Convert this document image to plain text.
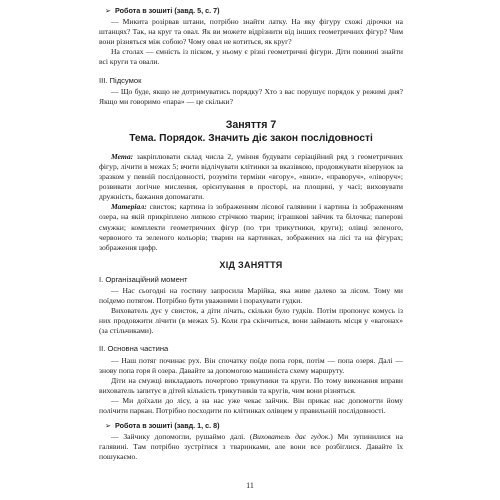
➢ Робота в зошиті (завд. 5, с. 7)

— Микита розірвав штани, потрібно знайти латку. На яку фігуру схожі дірочки на штанцях? Так, на круг та овал. Як ви можете відрізнити від інших геометричних фігур? Чим вони різняться між собою? Чому овал не котиться, як круг?

На столах — ємність із піском, у ньому є різні геометричні фігури. Діти повинні знайти всі круги та овали.

III. Підсумок

— Що буде, якщо не дотримуватись порядку? Хто з вас порушує порядок у режимі дня? Якщо ми говоримо «пара» — це скільки?

Заняття 7
Тема. Порядок. Значить діє закон послідовності

Мета: закріплювати склад числа 2, уміння будувати серіаційний ряд з геометричних фігур, лічити в межах 5; вчити відлічувати клітинки за вказівкою, продовжувати візерунок за зразком у певній послідовності, розуміти терміни «вгору», «вниз», «праворуч», «ліворуч»; розвивати логічне мислення, орієнтування в просторі, на площині, у часі; виховувати дружність, бажання допомагати.

Матеріал: свисток; картина із зображенням лісової галявини і картина із зображенням озера, на якій прикріплено липкою стрічкою тварин; іграшкові зайчик та білочка; паперові смужки; комплекти геометричних фігур (по три трикутники, круги); олівці зеленого, червоного та зеленого кольорів; тварин на картинках, зображених на лісі та на фігурах; зображення цифр.

ХІД ЗАНЯТТЯ

І. Організаційний момент

— Нас сьогодні на гостину запросила Марійка, яка живе далеко за лісом. Тому ми поїдемо потягом. Потрібно бути уважними і порахувати гудки.

Вихователь дує у свисток, а діти лічать, скільки було гудків. Потім пропонує комусь із них продовжити лічити (в межах 5). Коли гра скінчиться, вони займають місця у «вагонах» (за стільчиками).

ІІ. Основна частина

— Наш потяг починає рух. Він спочатку поїде попа горя, потім — попа озеря. Далі — знову попа горя й озера. Давайте за допомогою машиніста схему маршруту.

Діти на смужці викладають почергово трикутники та круги. По тому виконання вправи вихователь запитує в дітей кількість трикутників та кругів, чим вони різняться.

— Ми доїхали до лісу, а на нас уже чекає зайчик. Він прикає нас допомогти йому полічити паркан. Потрібно посходити по клітинках олівцем у правильній послідовності.

➢ Робота в зошиті (завд. 1, с. 8)

— Зайчику допомогли, рушаймо далі. (Вихователь дає гудок.) Ми зупинилися на галявині. Там потрібно зустрітися з тваринками, але вони все розбіглися. Давайте їх пошукаємо.

11
